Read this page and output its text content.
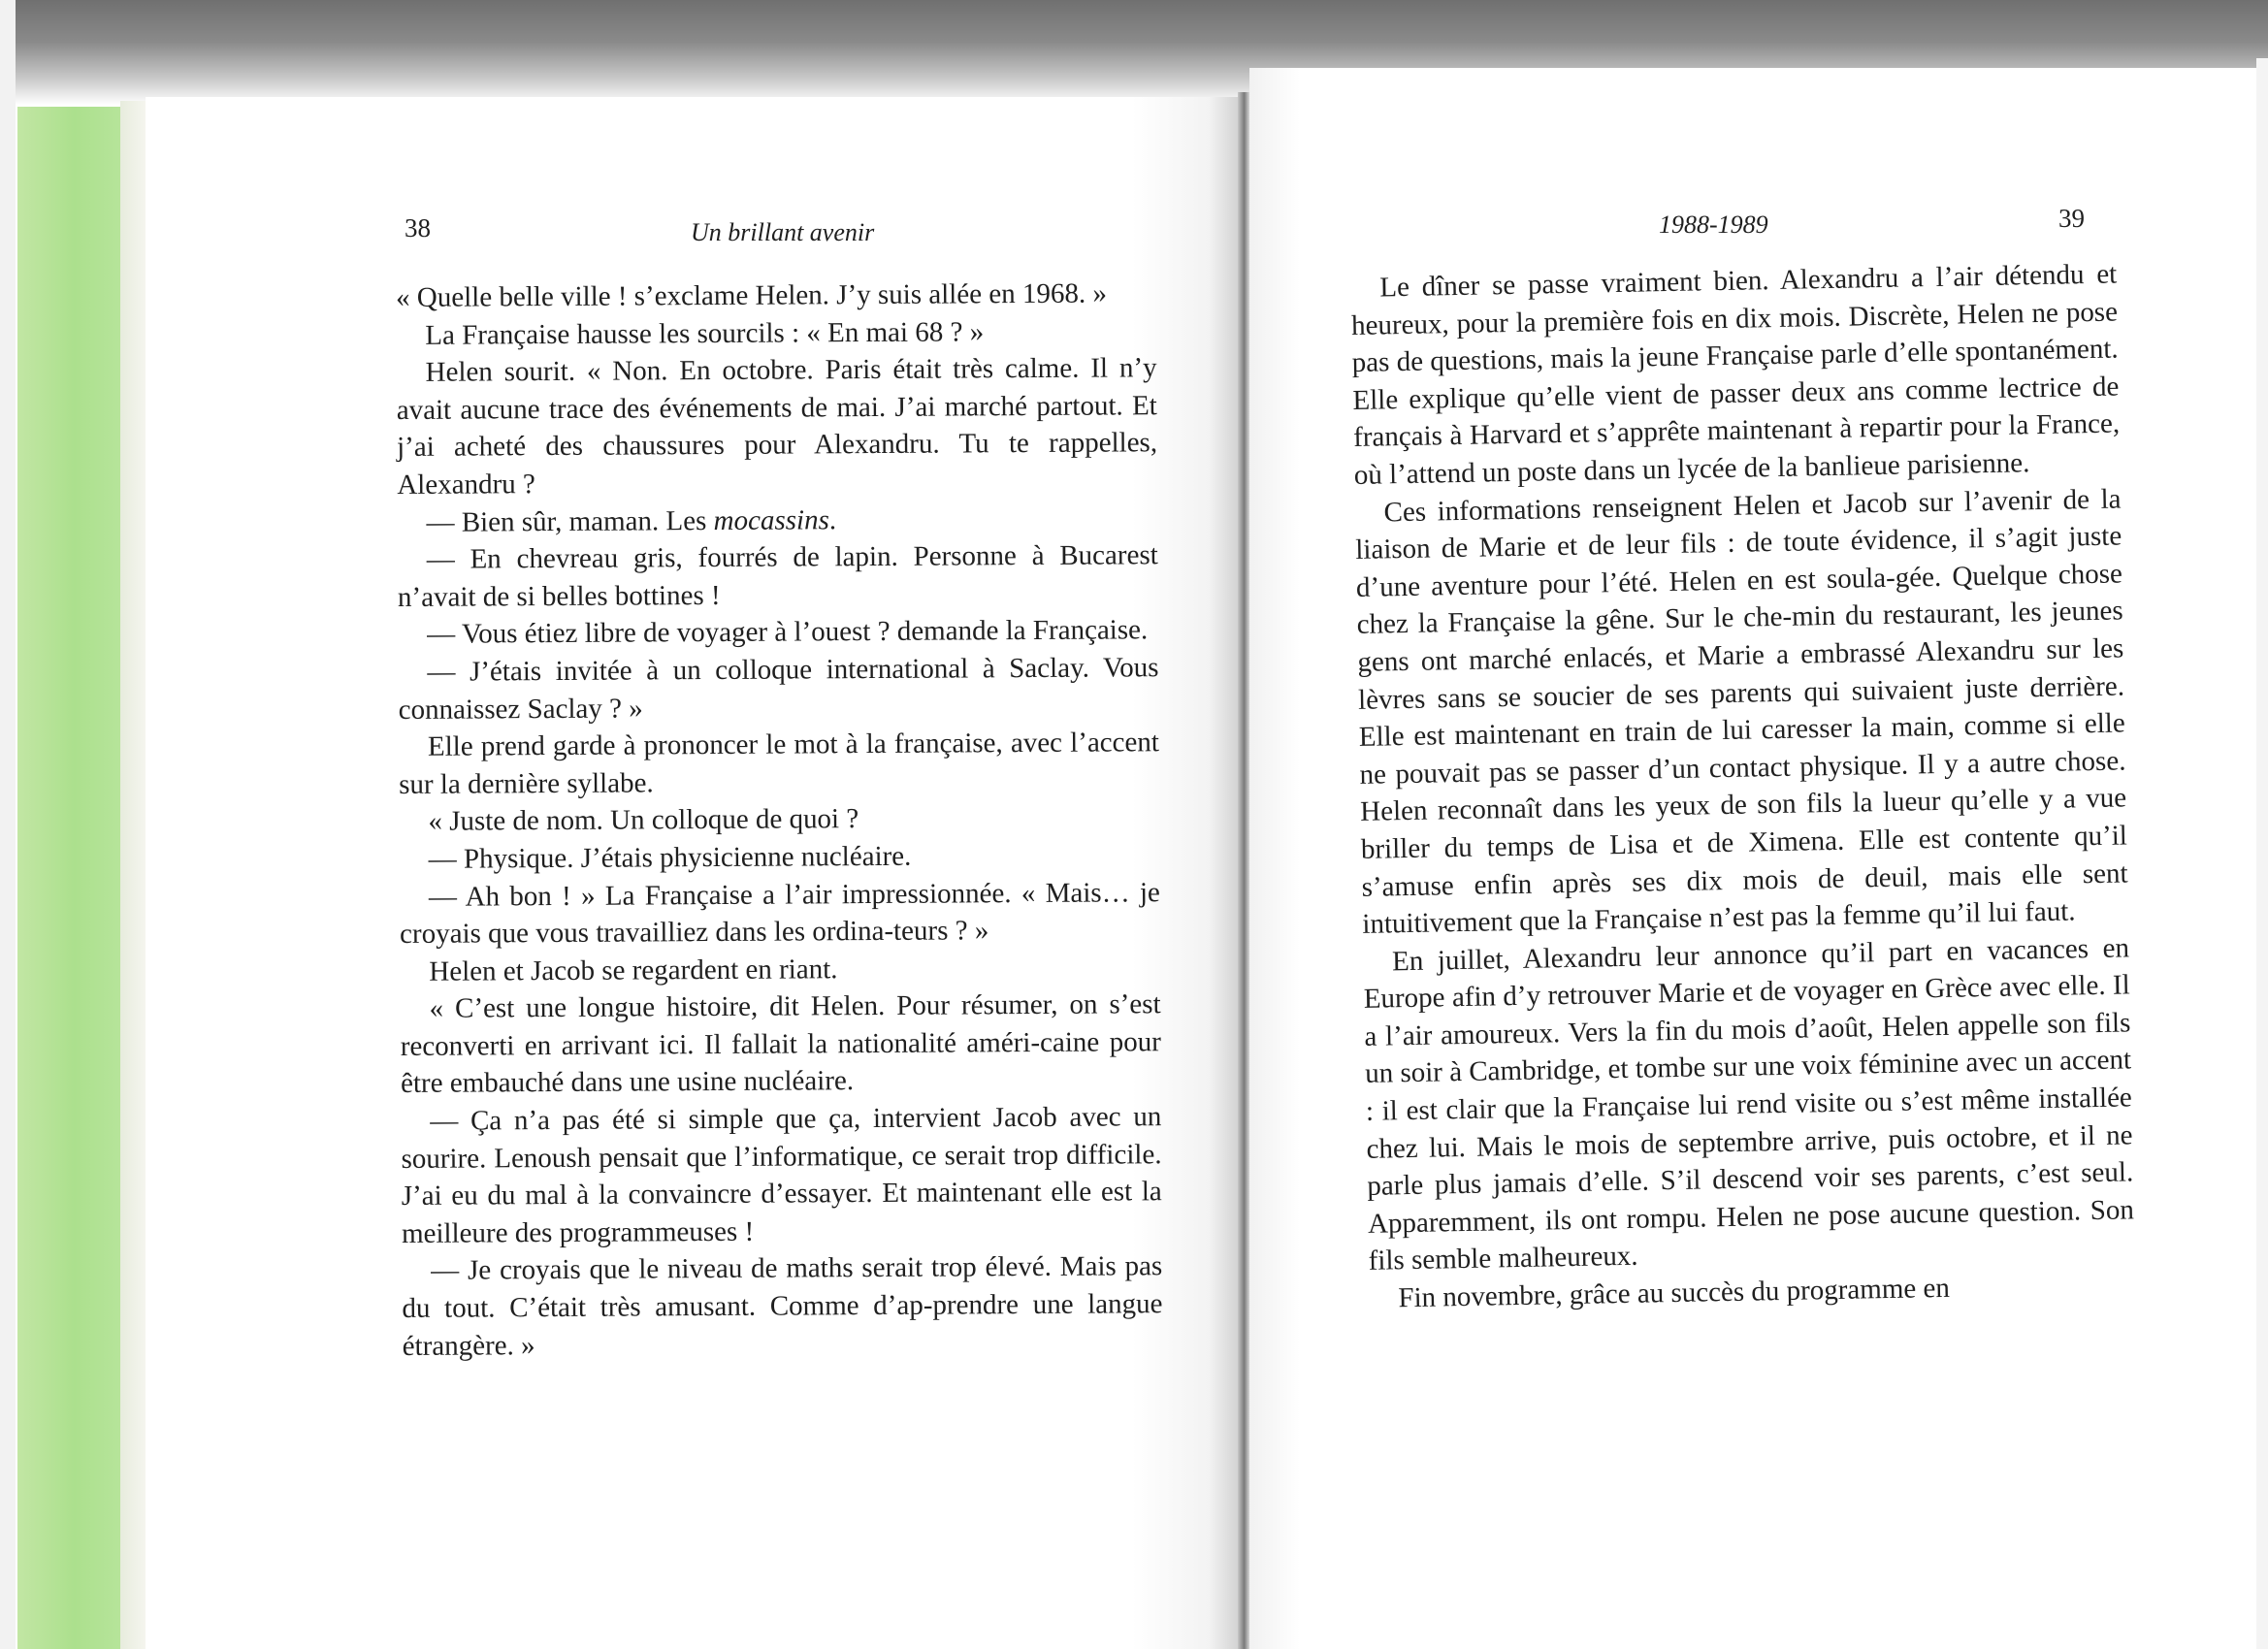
38	Un brillant avenir	1988-1989	39

« Quelle belle ville ! s’exclame Helen. J’y suis allée en 1968. »

La Française hausse les sourcils : « En mai 68 ? »

Helen sourit. « Non. En octobre. Paris était très calme. Il n’y avait aucune trace des événements de mai. J’ai marché partout. Et j’ai acheté des chaussures pour Alexandru. Tu te rappelles, Alexandru ?

— Bien sûr, maman. Les mocassins.

— En chevreau gris, fourrés de lapin. Personne à Bucarest n’avait de si belles bottines !

— Vous étiez libre de voyager à l’ouest ? demande la Française.

— J’étais invitée à un colloque international à Saclay. Vous connaissez Saclay ? »

Elle prend garde à prononcer le mot à la française, avec l’accent sur la dernière syllabe.

« Juste de nom. Un colloque de quoi ?

— Physique. J’étais physicienne nucléaire.

— Ah bon ! » La Française a l’air impressionnée. « Mais… je croyais que vous travailliez dans les ordina-teurs ? »

Helen et Jacob se regardent en riant.

« C’est une longue histoire, dit Helen. Pour résumer, on s’est reconverti en arrivant ici. Il fallait la nationalité améri-caine pour être embauché dans une usine nucléaire.

— Ça n’a pas été si simple que ça, intervient Jacob avec un sourire. Lenoush pensait que l’informatique, ce serait trop difficile. J’ai eu du mal à la convaincre d’essayer. Et maintenant elle est la meilleure des programmeuses !

— Je croyais que le niveau de maths serait trop élevé. Mais pas du tout. C’était très amusant. Comme d’ap-prendre une langue étrangère. »

Le dîner se passe vraiment bien. Alexandru a l’air détendu et heureux, pour la première fois en dix mois. Discrète, Helen ne pose pas de questions, mais la jeune Française parle d’elle spontanément. Elle explique qu’elle vient de passer deux ans comme lectrice de français à Harvard et s’apprête maintenant à repartir pour la France, où l’attend un poste dans un lycée de la banlieue parisienne.

Ces informations renseignent Helen et Jacob sur l’avenir de la liaison de Marie et de leur fils : de toute évidence, il s’agit juste d’une aventure pour l’été. Helen en est soula-gée. Quelque chose chez la Française la gêne. Sur le che-min du restaurant, les jeunes gens ont marché enlacés, et Marie a embrassé Alexandru sur les lèvres sans se soucier de ses parents qui suivaient juste derrière. Elle est maintenant en train de lui caresser la main, comme si elle ne pouvait pas se passer d’un contact physique. Il y a autre chose. Helen reconnaît dans les yeux de son fils la lueur qu’elle y a vue briller du temps de Lisa et de Ximena. Elle est contente qu’il s’amuse enfin après ses dix mois de deuil, mais elle sent intuitivement que la Française n’est pas la femme qu’il lui faut.

En juillet, Alexandru leur annonce qu’il part en vacances en Europe afin d’y retrouver Marie et de voyager en Grèce avec elle. Il a l’air amoureux. Vers la fin du mois d’août, Helen appelle son fils un soir à Cambridge, et tombe sur une voix féminine avec un accent : il est clair que la Française lui rend visite ou s’est même installée chez lui. Mais le mois de septembre arrive, puis octobre, et il ne parle plus jamais d’elle. S’il descend voir ses parents, c’est seul. Apparemment, ils ont rompu. Helen ne pose aucune question. Son fils semble malheureux.

Fin novembre, grâce au succès du programme en
